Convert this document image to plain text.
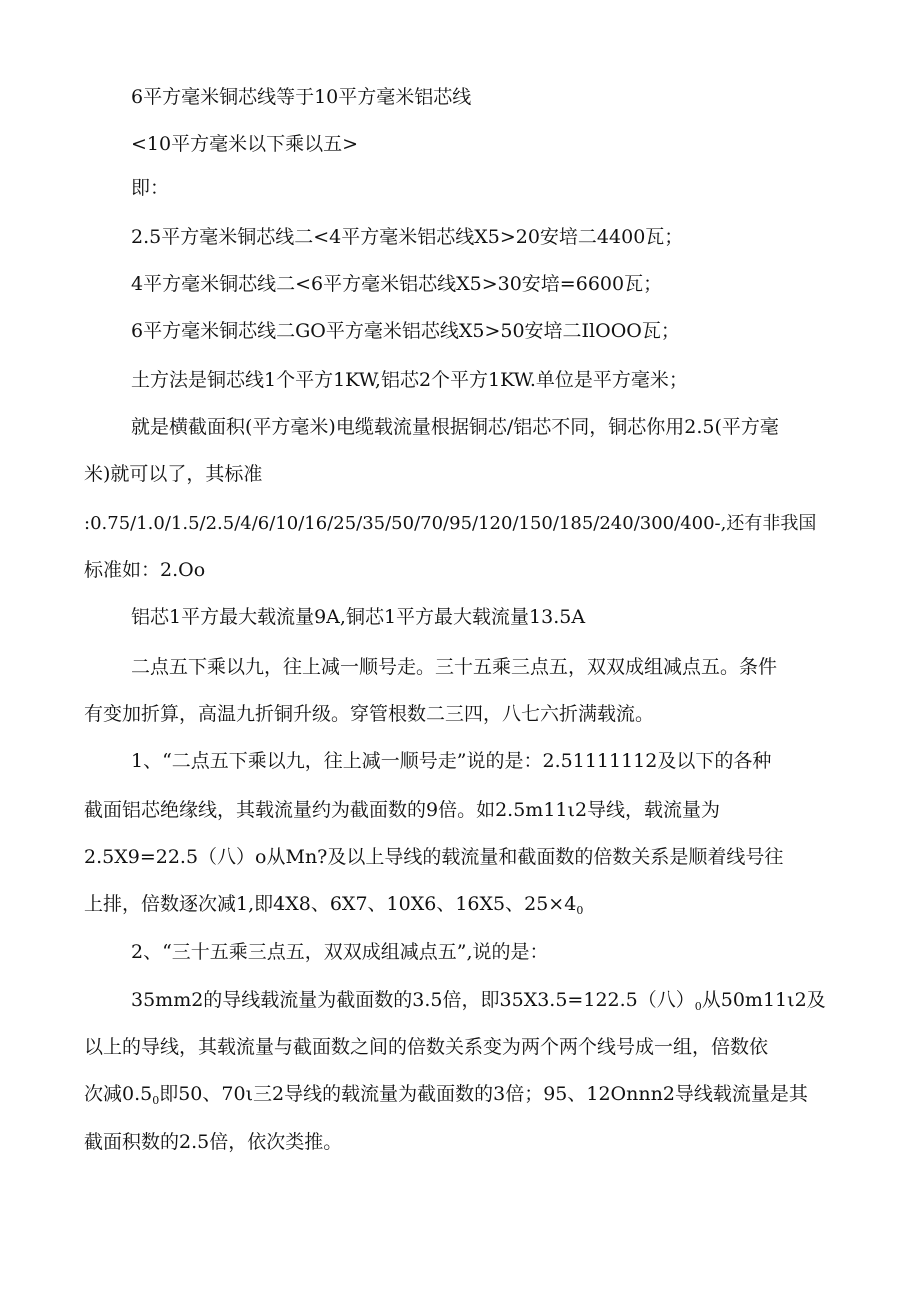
6平方毫米铜芯线等于10平方毫米铝芯线
<10平方毫米以下乘以五>
即：
2.5平方毫米铜芯线二<4平方毫米铝芯线X5>20安培二4400瓦；
4平方毫米铜芯线二<6平方毫米铝芯线X5>30安培=6600瓦；
6平方毫米铜芯线二GO平方毫米铝芯线X5>50安培二IlOOO瓦；
土方法是铜芯线1个平方1KW,铝芯2个平方1KW.单位是平方毫米；
就是横截面积(平方毫米)电缆载流量根据铜芯/铝芯不同，铜芯你用2.5(平方毫
米)就可以了，其标准
:0.75/1.0/1.5/2.5/4/6/10/16/25/35/50/70/95/120/150/185/240/300/400-,还有非我国
标准如：2.Oo
铝芯1平方最大载流量9A,铜芯1平方最大载流量13.5A
二点五下乘以九，往上减一顺号走。三十五乘三点五，双双成组减点五。条件
有变加折算，高温九折铜升级。穿管根数二三四，八七六折满载流。
1、“二点五下乘以九，往上减一顺号走”说的是：2.51111112及以下的各种
截面铝芯绝缘线，其载流量约为截面数的9倍。如2.5m11ι2导线，载流量为
2.5X9=22.5（八）o从Mn?及以上导线的载流量和截面数的倍数关系是顺着线号往
上排，倍数逐次减1,即4X8、6X7、10X6、16X5、$25\times 4_0$
2、“三十五乘三点五，双双成组减点五”,说的是：
35mm2的导线载流量为截面数的3.5倍，即35X3.5=122.5（八）$_0$从50m11ι2及
以上的导线，其载流量与截面数之间的倍数关系变为两个两个线号成一组，倍数依
次减$0.5_0$即50、70ι三2导线的载流量为截面数的3倍；95、12Onnn2导线载流量是其
截面积数的2.5倍，依次类推。
